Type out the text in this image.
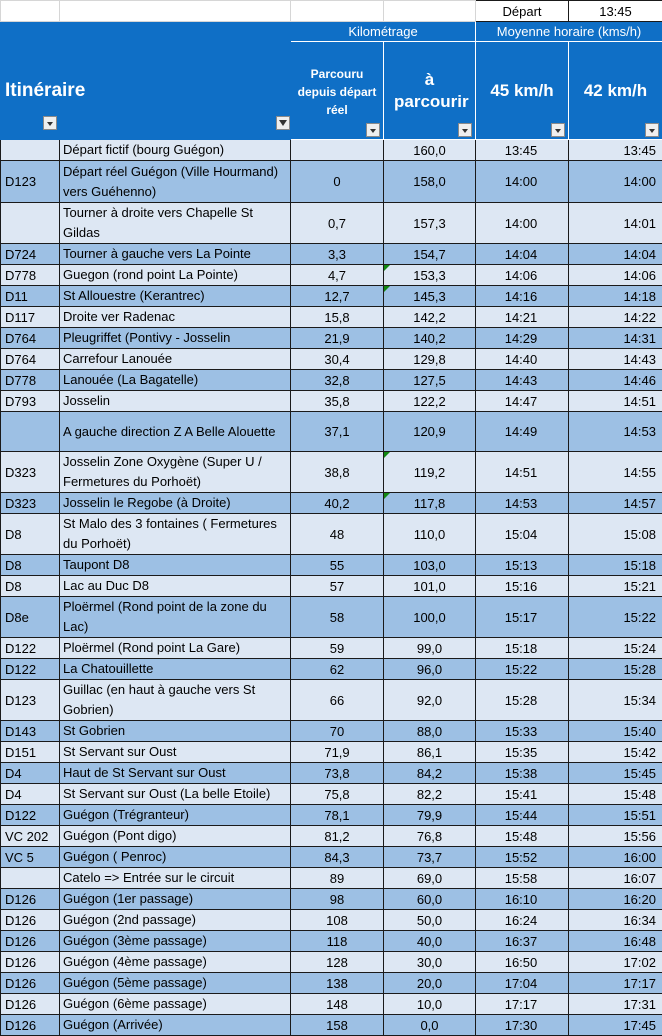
				Départ	13:45

Itinéraire		Kilométrage		Moyenne horaire (kms/h)	

		Parcouru depuis départ réel	à parcourir	45 km/h	42 km/h

	Départ fictif (bourg Guégon)		160,0	13:45	13:45
D123	Départ réel Guégon (Ville Hourmand) vers Guéhenno)	0	158,0	14:00	14:00
	Tourner à droite vers Chapelle St Gildas	0,7	157,3	14:00	14:01
D724	Tourner à gauche vers La Pointe	3,3	154,7	14:04	14:04
D778	Guegon (rond point La Pointe)	4,7	153,3	14:06	14:06
D11	St Allouestre (Kerantrec)	12,7	145,3	14:16	14:18
D117	Droite ver Radenac	15,8	142,2	14:21	14:22
D764	Pleugriffet (Pontivy - Josselin	21,9	140,2	14:29	14:31
D764	Carrefour Lanouée	30,4	129,8	14:40	14:43
D778	Lanouée (La Bagatelle)	32,8	127,5	14:43	14:46
D793	Josselin	35,8	122,2	14:47	14:51
	A gauche direction Z A Belle Alouette	37,1	120,9	14:49	14:53
D323	Josselin Zone Oxygène (Super U / Fermetures du Porhoët)	38,8	119,2	14:51	14:55
D323	Josselin le Regobe (à Droite)	40,2	117,8	14:53	14:57
D8	St Malo des 3 fontaines ( Fermetures du Porhoët)	48	110,0	15:04	15:08
D8	Taupont D8	55	103,0	15:13	15:18
D8	Lac au Duc D8	57	101,0	15:16	15:21
D8e	Ploërmel (Rond point de la zone du Lac)	58	100,0	15:17	15:22
D122	Ploërmel (Rond point La Gare)	59	99,0	15:18	15:24
D122	La Chatouillette	62	96,0	15:22	15:28
D123	Guillac (en haut à gauche vers St Gobrien)	66	92,0	15:28	15:34
D143	St Gobrien	70	88,0	15:33	15:40
D151	St Servant sur Oust	71,9	86,1	15:35	15:42
D4	Haut de St Servant sur Oust	73,8	84,2	15:38	15:45
D4	St Servant sur Oust (La belle Etoile)	75,8	82,2	15:41	15:48
D122	Guégon (Trégranteur)	78,1	79,9	15:44	15:51
VC 202	Guégon (Pont digo)	81,2	76,8	15:48	15:56
VC 5	Guégon ( Penroc)	84,3	73,7	15:52	16:00
	Catelo => Entrée sur le circuit	89	69,0	15:58	16:07
D126	Guégon (1er passage)	98	60,0	16:10	16:20
D126	Guégon (2nd passage)	108	50,0	16:24	16:34
D126	Guégon (3ème passage)	118	40,0	16:37	16:48
D126	Guégon (4ème passage)	128	30,0	16:50	17:02
D126	Guégon (5ème passage)	138	20,0	17:04	17:17
D126	Guégon (6ème passage)	148	10,0	17:17	17:31
D126	Guégon (Arrivée)	158	0,0	17:30	17:45
